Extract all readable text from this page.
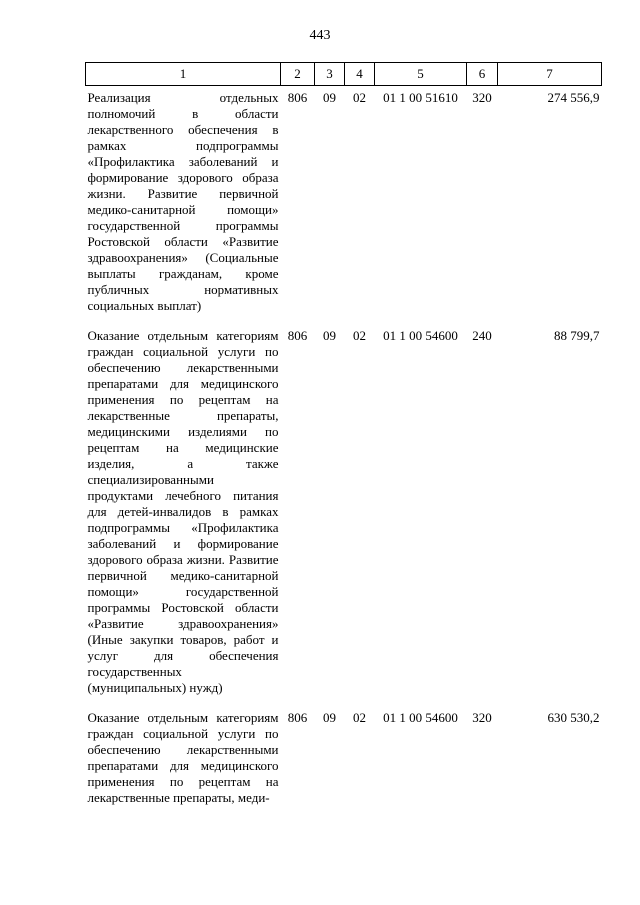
443
1	2	3	4	5	6	7
Реализация отдельных полномочий в области лекарственного обеспечения в рамках подпрограммы «Профилактика заболеваний и формирование здорового образа жизни. Развитие первичной медико-санитарной помощи» государственной программы Ростовской области «Развитие здравоохранения» (Социальные выплаты гражданам, кроме публичных нормативных социальных выплат)	806	09	02	01 1 00 51610	320	274 556,9
Оказание отдельным категориям граждан социальной услуги по обеспечению лекарственными препаратами для медицинского применения по рецептам на лекарственные препараты, медицинскими изделиями по рецептам на медицинские изделия, а также специализированными продуктами лечебного питания для детей-инвалидов в рамках подпрограммы «Профилактика заболеваний и формирование здорового образа жизни. Развитие первичной медико-санитарной помощи» государственной программы Ростовской области «Развитие здравоохранения» (Иные закупки товаров, работ и услуг для обеспечения государственных (муниципальных) нужд)	806	09	02	01 1 00 54600	240	88 799,7
Оказание отдельным категориям граждан социальной услуги по обеспечению лекарственными препаратами для медицинского применения по рецептам на лекарственные препараты, меди-	806	09	02	01 1 00 54600	320	630 530,2
